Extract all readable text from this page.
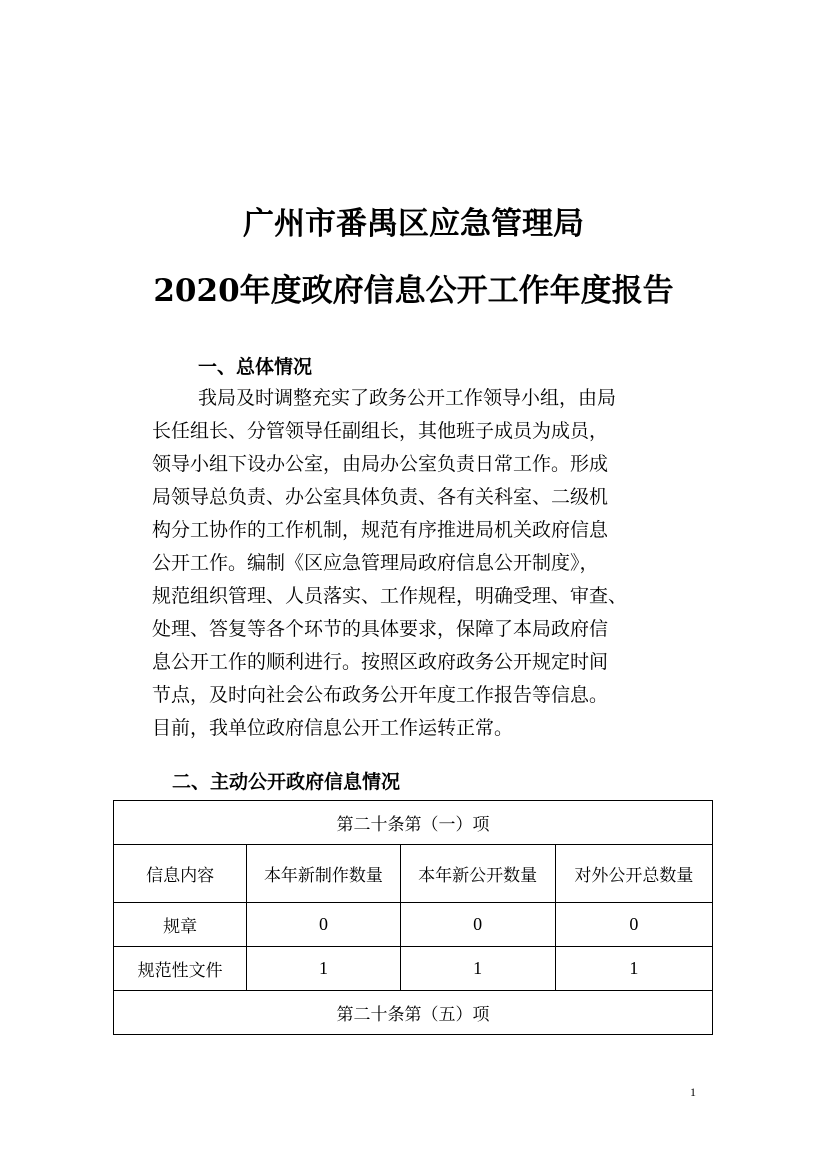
广州市番禺区应急管理局
2020年度政府信息公开工作年度报告
一、总体情况
我局及时调整充实了政务公开工作领导小组，由局
长任组长、分管领导任副组长，其他班子成员为成员，
领导小组下设办公室，由局办公室负责日常工作。形成
局领导总负责、办公室具体负责、各有关科室、二级机
构分工协作的工作机制，规范有序推进局机关政府信息
公开工作。编制《区应急管理局政府信息公开制度》，
规范组织管理、人员落实、工作规程，明确受理、审查、
处理、答复等各个环节的具体要求，保障了本局政府信
息公开工作的顺利进行。按照区政府政务公开规定时间
节点，及时向社会公布政务公开年度工作报告等信息。
目前，我单位政府信息公开工作运转正常。
二、主动公开政府信息情况
第二十条第（一）项			
信息内容	本年新制作数量	本年新公开数量	对外公开总数量
规章	0	0	0
规范性文件	1	1	1
第二十条第（五）项			
1
